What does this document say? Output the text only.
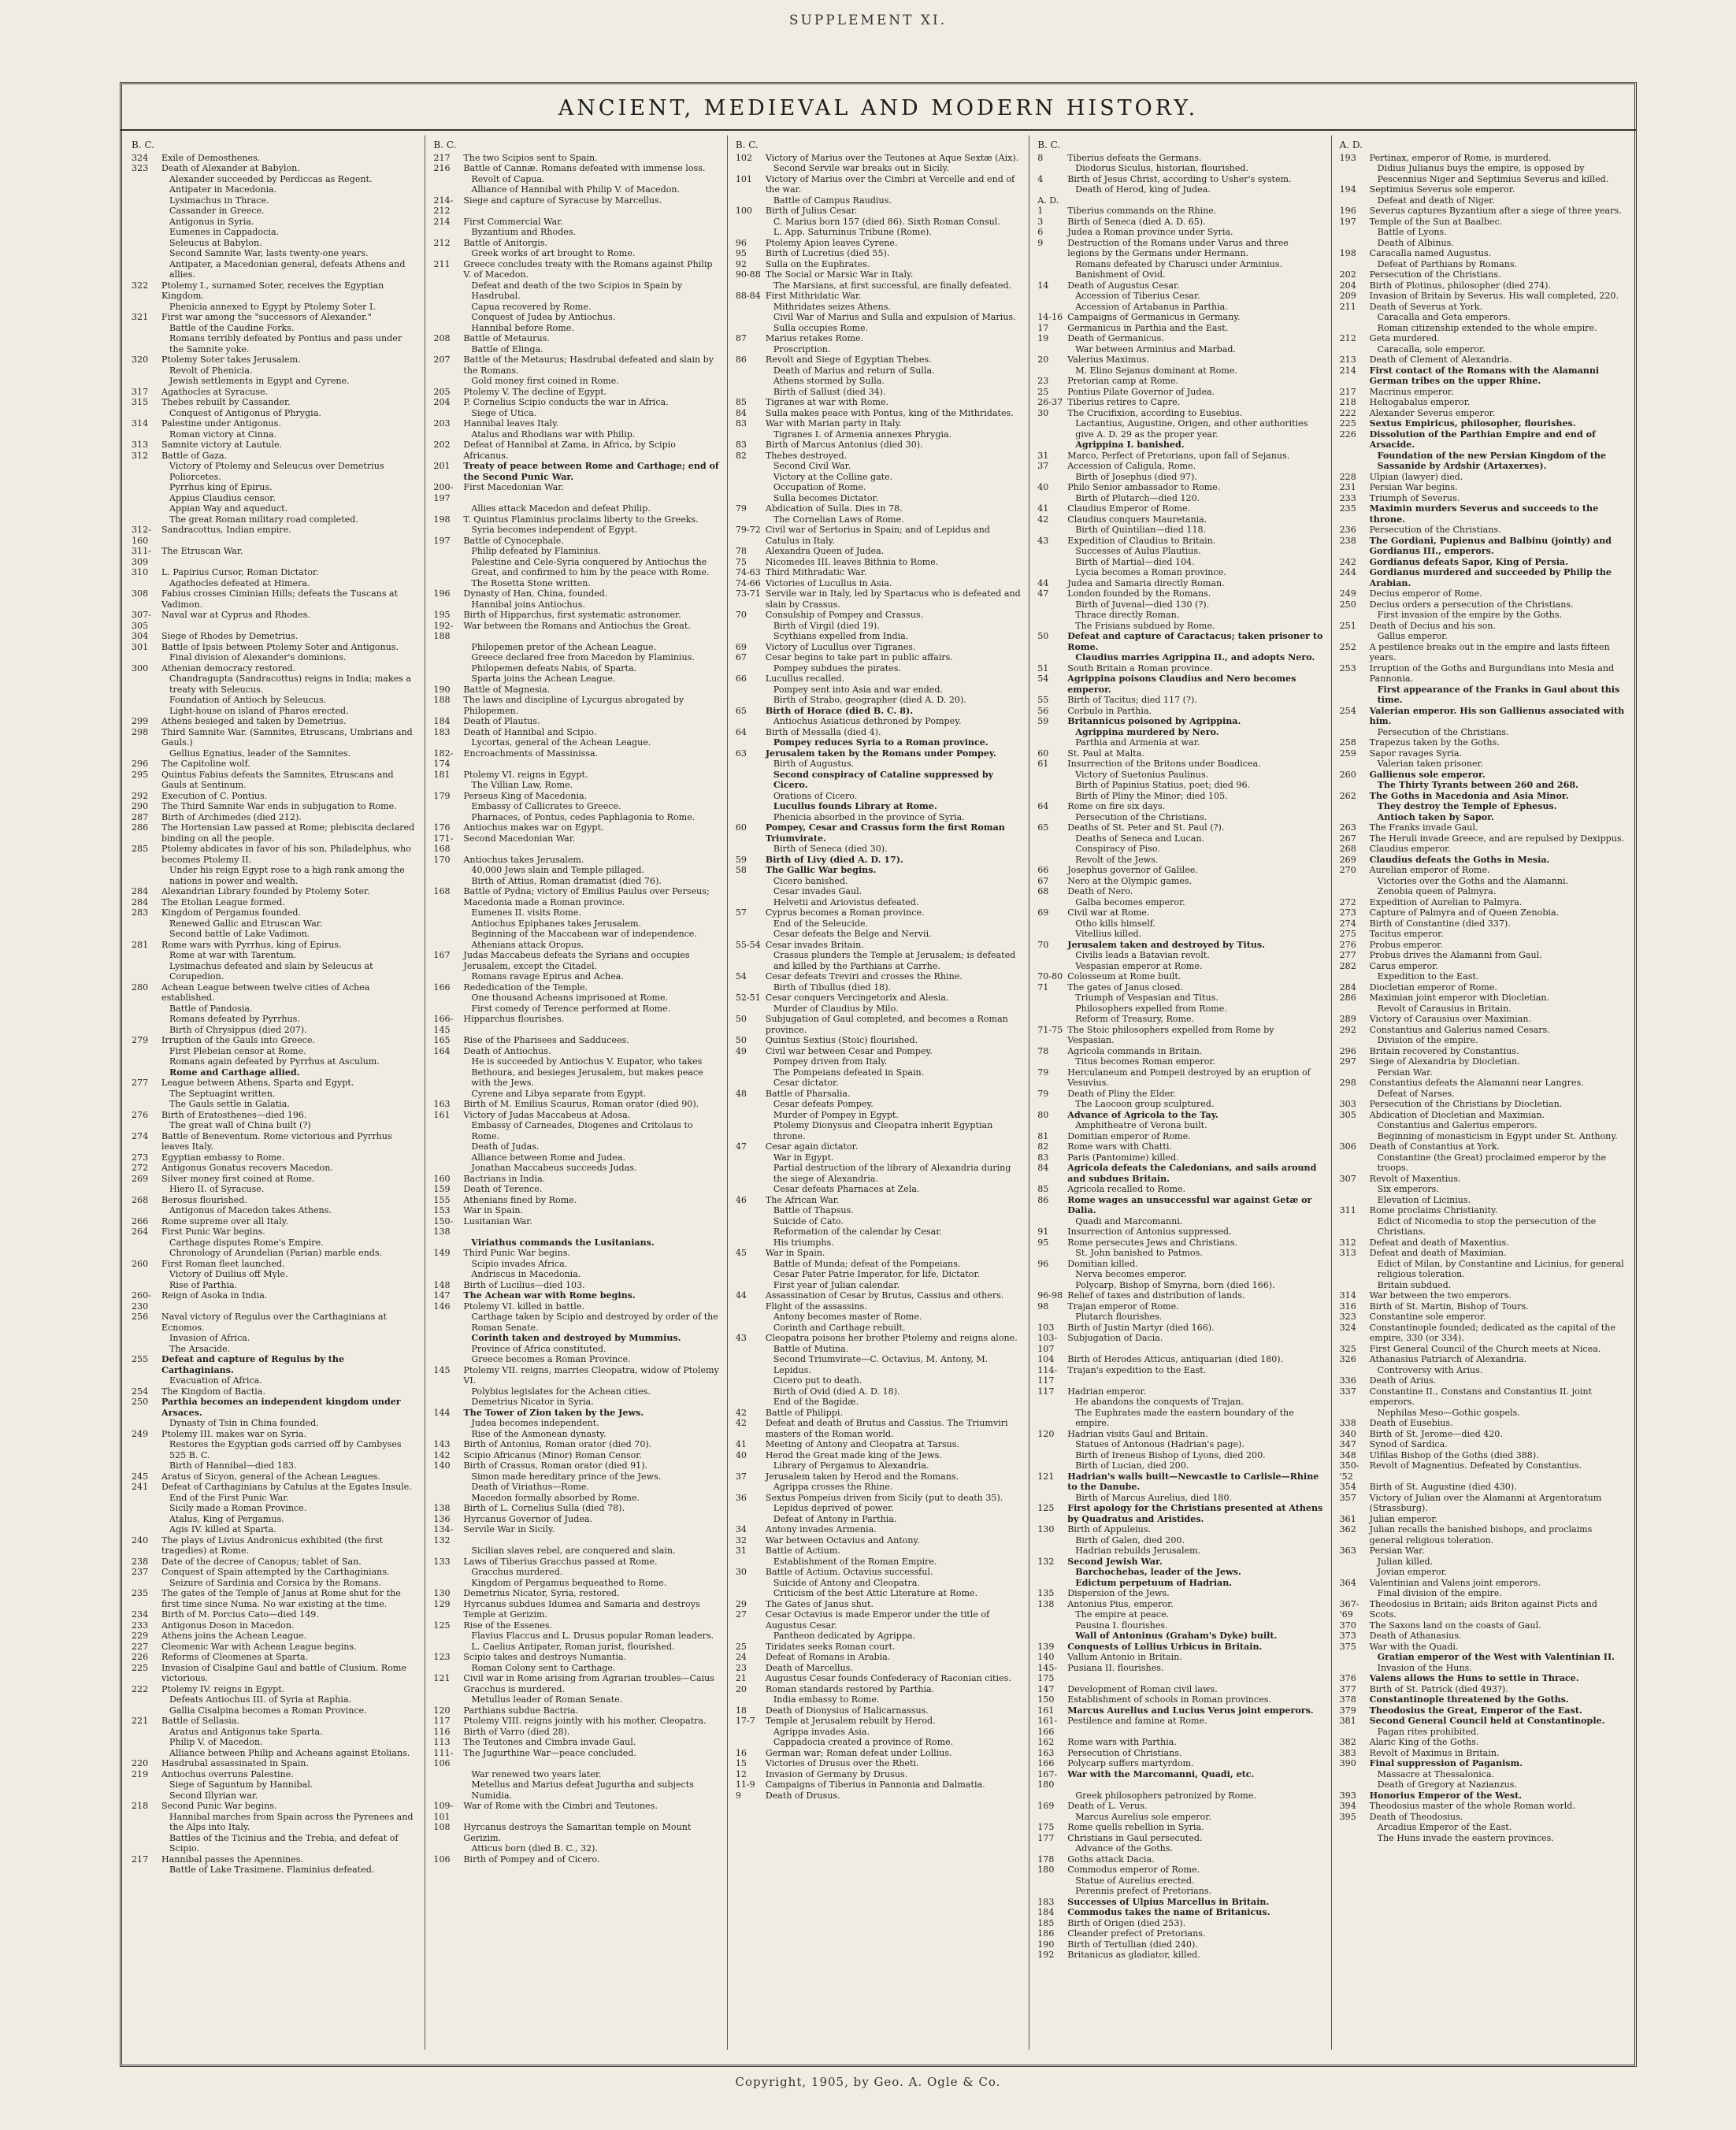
SUPPLEMENT XI.
ANCIENT, MEDIEVAL AND MODERN HISTORY.
B. C.
324	Exile of Demosthenes.
323	Death of Alexander at Babylon.
Alexander succeeded by Perdiccas as Regent.
Antipater in Macedonia.
Lysimachus in Thrace.
Cassander in Greece.
Antigonus in Syria.
Eumenes in Cappadocia.
Seleucus at Babylon.
Second Samnite War, lasts twenty-one years.
Antipater, a Macedonian general, defeats Athens and allies.
322	Ptolemy I., surnamed Soter, receives the Egyptian Kingdom.
Phenicia annexed to Egypt by Ptolemy Soter I.
321	First war among the "successors of Alexander."
Battle of the Caudine Forks.
Romans terribly defeated by Pontius and pass under the Samnite yoke.
320	Ptolemy Soter takes Jerusalem.
Revolt of Phenicia.
Jewish settlements in Egypt and Cyrene.
317	Agathocles at Syracuse.
315	Thebes rebuilt by Cassander.
Conquest of Antigonus of Phrygia.
314	Palestine under Antigonus.
Roman victory at Cinna.
313	Samnite victory at Lautule.
312	Battle of Gaza.
Victory of Ptolemy and Seleucus over Demetrius Poliorcetes.
Pyrrhus king of Epirus.
Appius Claudius censor.
Appian Way and aqueduct.
The great Roman military road completed.
312-160
Sandracottus, Indian empire.
311-309
The Etruscan War.
310	L. Papirius Cursor, Roman Dictator.
Agathocles defeated at Himera.
308	Fabius crosses Ciminian Hills; defeats the Tuscans at Vadimon.
307-305
Naval war at Cyprus and Rhodes.
304	Siege of Rhodes by Demetrius.
301	Battle of Ipsis between Ptolemy Soter and Antigonus.
Final division of Alexander's dominions.
300	Athenian democracy restored.
Chandragupta (Sandracottus) reigns in India; makes a treaty with Seleucus.
Foundation of Antioch by Seleucus.
Light-house on island of Pharos erected.
299	Athens besieged and taken by Demetrius.
298	Third Samnite War. (Samnites, Etruscans, Umbrians and Gauls.)
Gellius Egnatius, leader of the Samnites.
296	The Capitoline wolf.
295	Quintus Fabius defeats the Samnites, Etruscans and Gauls at Sentinum.
292	Execution of C. Pontius.
290	The Third Samnite War ends in subjugation to Rome.
287	Birth of Archimedes (died 212).
286	The Hortensian Law passed at Rome; plebiscita declared binding on all the people.
285	Ptolemy abdicates in favor of his son, Philadelphus, who becomes Ptolemy II.
Under his reign Egypt rose to a high rank among the nations in power and wealth.
284	Alexandrian Library founded by Ptolemy Soter.
284	The Etolian League formed.
283	Kingdom of Pergamus founded.
Renewed Gallic and Etruscan War.
Second battle of Lake Vadimon.
281	Rome wars with Pyrrhus, king of Epirus.
Rome at war with Tarentum.
Lysimachus defeated and slain by Seleucus at Corupedion.
280	Achean League between twelve cities of Achea established.
Battle of Pandosia.
Romans defeated by Pyrrhus.
Birth of Chrysippus (died 207).
279	Irruption of the Gauls into Greece.
First Plebeian censor at Rome.
Romans again defeated by Pyrrhus at Asculum.
Rome and Carthage allied.
277	League between Athens, Sparta and Egypt.
The Septuagint written.
The Gauls settle in Galatia.
276	Birth of Eratosthenes—died 196.
The great wall of China built (?)
274	Battle of Beneventum. Rome victorious and Pyrrhus leaves Italy.
273	Egyptian embassy to Rome.
272	Antigonus Gonatus recovers Macedon.
269	Silver money first coined at Rome.
Hiero II. of Syracuse.
268	Berosus flourished.
Antigonus of Macedon takes Athens.
266	Rome supreme over all Italy.
264	First Punic War begins.
Carthage disputes Rome's Empire.
Chronology of Arundelian (Parian) marble ends.
260	First Roman fleet launched.
Victory of Duilius off Myle.
Rise of Parthia.
260-230
Reign of Asoka in India.
256	Naval victory of Regulus over the Carthaginians at Ecnomos.
Invasion of Africa.
The Arsacide.
255	Defeat and capture of Regulus by the Carthaginians.
Evacuation of Africa.
254	The Kingdom of Bactia.
250	Parthia becomes an independent kingdom under Arsaces.
Dynasty of Tsin in China founded.
249	Ptolemy III. makes war on Syria.
Restores the Egyptian gods carried off by Cambyses 525 B. C.
Birth of Hannibal—died 183.
245	Aratus of Sicyon, general of the Achean Leagues.
241	Defeat of Carthaginians by Catulus at the Egates Insule.
End of the First Punic War.
Sicily made a Roman Province.
Atalus, King of Pergamus.
Agis IV. killed at Sparta.
240	The plays of Livius Andronicus exhibited (the first tragedies) at Rome.
238	Date of the decree of Canopus; tablet of San.
237	Conquest of Spain attempted by the Carthaginians.
Seizure of Sardinia and Corsica by the Romans.
235	The gates of the Temple of Janus at Rome shut for the first time since Numa. No war existing at the time.
234	Birth of M. Porcius Cato—died 149.
233	Antigonus Doson in Macedon.
229	Athens joins the Achean League.
227	Cleomenic War with Achean League begins.
226	Reforms of Cleomenes at Sparta.
225	Invasion of Cisalpine Gaul and battle of Clusium. Rome victorious.
222	Ptolemy IV. reigns in Egypt.
Defeats Antiochus III. of Syria at Raphia.
Gallia Cisalpina becomes a Roman Province.
221	Battle of Sellasia.
Aratus and Antigonus take Sparta.
Philip V. of Macedon.
Alliance between Philip and Acheans against Etolians.
220	Hasdrubal assassinated in Spain.
219	Antiochus overruns Palestine.
Siege of Saguntum by Hannibal.
Second Illyrian war.
218	Second Punic War begins.
Hannibal marches from Spain across the Pyrenees and the Alps into Italy.
Battles of the Ticinius and the Trebia, and defeat of Scipio.
217	Hannibal passes the Apennines.
Battle of Lake Trasimene. Flaminius defeated.
B. C.
217	The two Scipios sent to Spain.
216	Battle of Cannæ. Romans defeated with immense loss.
Revolt of Capua.
Alliance of Hannibal with Philip V. of Macedon.
214-212
Siege and capture of Syracuse by Marcellus.
214	First Commercial War.
Byzantium and Rhodes.
212	Battle of Anitorgis.
Greek works of art brought to Rome.
211	Greece concludes treaty with the Romans against Philip V. of Macedon.
Defeat and death of the two Scipios in Spain by Hasdrubal.
Capua recovered by Rome.
Conquest of Judea by Antiochus.
Hannibal before Rome.
208	Battle of Metaurus.
Battle of Elinga.
207	Battle of the Metaurus; Hasdrubal defeated and slain by the Romans.
Gold money first coined in Rome.
205	Ptolemy V. The decline of Egypt.
204	P. Cornelius Scipio conducts the war in Africa.
Siege of Utica.
203	Hannibal leaves Italy.
Atalus and Rhodians war with Philip.
202	Defeat of Hannibal at Zama, in Africa, by Scipio Africanus.
201	Treaty of peace between Rome and Carthage; end of the Second Punic War.
200-197
First Macedonian War.
Allies attack Macedon and defeat Philip.
198	T. Quintus Flaminius proclaims liberty to the Greeks.
Syria becomes independent of Egypt.
197	Battle of Cynocephale.
Philip defeated by Flaminius.
Palestine and Cele-Syria conquered by Antiochus the Great, and confirmed to him by the peace with Rome.
The Rosetta Stone written.
196	Dynasty of Han, China, founded.
Hannibal joins Antiochus.
195	Birth of Hipparchus, first systematic astronomer.
192-188
War between the Romans and Antiochus the Great.
Philopemen pretor of the Achean League.
Greece declared free from Macedon by Flaminius.
Philopemen defeats Nabis, of Sparta.
Sparta joins the Achean League.
190	Battle of Magnesia.
188	The laws and discipline of Lycurgus abrogated by Philopemen.
184	Death of Plautus.
183	Death of Hannibal and Scipio.
Lycortas, general of the Achean League.
182-174
Encroachments of Massinissa.
181	Ptolemy VI. reigns in Egypt.
The Villian Law, Rome.
179	Perseus King of Macedonia.
Embassy of Callicrates to Greece.
Pharnaces, of Pontus, cedes Paphlagonia to Rome.
176	Antiochus makes war on Egypt.
171-168
Second Macedonian War.
170	Antiochus takes Jerusalem.
40,000 Jews slain and Temple pillaged.
Birth of Attius, Roman dramatist (died 76).
168	Battle of Pydna; victory of Emilius Paulus over Perseus; Macedonia made a Roman province.
Eumenes II. visits Rome.
Antiochus Epiphanes takes Jerusalem.
Beginning of the Maccabean war of independence.
Athenians attack Oropus.
167	Judas Maccabeus defeats the Syrians and occupies Jerusalem, except the Citadel.
Romans ravage Epirus and Achea.
166	Rededication of the Temple.
One thousand Acheans imprisoned at Rome.
First comedy of Terence performed at Rome.
166-145
Hipparchus flourishes.
165	Rise of the Pharisees and Sadducees.
164	Death of Antiochus.
He is succeeded by Antiochus V. Eupator, who takes Bethoura, and besieges Jerusalem, but makes peace with the Jews.
Cyrene and Libya separate from Egypt.
163	Birth of M. Emilius Scaurus, Roman orator (died 90).
161	Victory of Judas Maccabeus at Adosa.
Embassy of Carneades, Diogenes and Critolaus to Rome.
Death of Judas.
Alliance between Rome and Judea.
Jonathan Maccabeus succeeds Judas.
160	Bactrians in India.
159	Death of Terence.
155	Athenians fined by Rome.
153	War in Spain.
150-138
Lusitanian War.
Viriathus commands the Lusitanians.
149	Third Punic War begins.
Scipio invades Africa.
Andriscus in Macedonia.
148	Birth of Lucilius—died 103.
147	The Achean war with Rome begins.
146	Ptolemy VI. killed in battle.
Carthage taken by Scipio and destroyed by order of the Roman Senate.
Corinth taken and destroyed by Mummius.
Province of Africa constituted.
Greece becomes a Roman Province.
145	Ptolemy VII. reigns, marries Cleopatra, widow of Ptolemy VI.
Polybius legislates for the Achean cities.
Demetrius Nicator in Syria.
144	The Tower of Zion taken by the Jews.
Judea becomes independent.
Rise of the Asmonean dynasty.
143	Birth of Antonius, Roman orator (died 70).
142	Scipio Africanus (Minor) Roman Censor.
140	Birth of Crassus, Roman orator (died 91).
Simon made hereditary prince of the Jews.
Death of Viriathus—Rome.
Macedon formally absorbed by Rome.
138	Birth of L. Cornelius Sulla (died 78).
136	Hyrcanus Governor of Judea.
134-132
Servile War in Sicily.
Sicilian slaves rebel, are conquered and slain.
133	Laws of Tiberius Gracchus passed at Rome.
Gracchus murdered.
Kingdom of Pergamus bequeathed to Rome.
130	Demetrius Nicator, Syria, restored.
129	Hyrcanus subdues Idumea and Samaria and destroys Temple at Gerizim.
125	Rise of the Essenes.
Flavius Flaccus and L. Drusus popular Roman leaders.
L. Caelius Antipater, Roman jurist, flourished.
123	Scipio takes and destroys Numantia.
Roman Colony sent to Carthage.
121	Civil war in Rome arising from Agrarian troubles—Caius Gracchus is murdered.
Metullus leader of Roman Senate.
120	Parthians subdue Bactria.
117	Ptolemy VIII. reigns jointly with his mother, Cleopatra.
116	Birth of Varro (died 28).
113	The Teutones and Cimbra invade Gaul.
111-106
The Jugurthine War—peace concluded.
War renewed two years later.
Metellus and Marius defeat Jugurtha and subjects Numidia.
109-101
War of Rome with the Cimbri and Teutones.
108	Hyrcanus destroys the Samaritan temple on Mount Gerizim.
Atticus born (died B. C., 32).
106	Birth of Pompey and of Cicero.
B. C.
102	Victory of Marius over the Teutones at Aque Sextæ (Aix).
Second Servile war breaks out in Sicily.
101	Victory of Marius over the Cimbri at Vercelle and end of the war.
Battle of Campus Raudius.
100	Birth of Julius Cesar.
C. Marius born 157 (died 86). Sixth Roman Consul.
L. App. Saturninus Tribune (Rome).
96	Ptolemy Apion leaves Cyrene.
95	Birth of Lucretius (died 55).
92	Sulla on the Euphrates.
90-88 The Social or Marsic War in Italy.
The Marsians, at first successful, are finally defeated.
88-84 First Mithridatic War.
Mithridates seizes Athens.
Civil War of Marius and Sulla and expulsion of Marius.
Sulla occupies Rome.
87	Marius retakes Rome.
Proscription.
86	Revolt and Siege of Egyptian Thebes.
Death of Marius and return of Sulla.
Athens stormed by Sulla.
Birth of Sallust (died 34).
85	Tigranes at war with Rome.
84	Sulla makes peace with Pontus, king of the Mithridates.
83	War with Marian party in Italy.
Tigranes I. of Armenia annexes Phrygia.
83	Birth of Marcus Antonius (died 30).
82	Thebes destroyed.
Second Civil War.
Victory at the Colline gate.
Occupation of Rome.
Sulla becomes Dictator.
79	Abdication of Sulla. Dies in 78.
The Cornelian Laws of Rome.
79-72 Civil war of Sertorius in Spain; and of Lepidus and Catulus in Italy.
78	Alexandra Queen of Judea.
75	Nicomedes III. leaves Bithnia to Rome.
74-63 Third Mithradatic War.
74-66 Victories of Lucullus in Asia.
73-71 Servile war in Italy, led by Spartacus who is defeated and slain by Crassus.
70	Consulship of Pompey and Crassus.
Birth of Virgil (died 19).
Scythians expelled from India.
69	Victory of Lucullus over Tigranes.
67	Cesar begins to take part in public affairs.
Pompey subdues the pirates.
66	Lucullus recalled.
Pompey sent into Asia and war ended.
Birth of Strabo, geographer (died A. D. 20).
65	Birth of Horace (died B. C. 8).
Antiochus Asiaticus dethroned by Pompey.
64	Birth of Messalla (died 4).
Pompey reduces Syria to a Roman province.
63	Jerusalem taken by the Romans under Pompey.
Birth of Augustus.
Second conspiracy of Cataline suppressed by Cicero.
Orations of Cicero.
Lucullus founds Library at Rome.
Phenicia absorbed in the province of Syria.
60	Pompey, Cesar and Crassus form the first Roman Triumvirate.
Birth of Seneca (died 30).
59	Birth of Livy (died A. D. 17).
58	The Gallic War begins.
Cicero banished.
Cesar invades Gaul.
Helvetii and Ariovistus defeated.
57	Cyprus becomes a Roman province.
End of the Seleucide.
Cesar defeats the Belge and Nervii.
55-54 Cesar invades Britain.
Crassus plunders the Temple at Jerusalem; is defeated and killed by the Parthians at Carrhe.
54	Cesar defeats Treviri and crosses the Rhine.
Birth of Tibullus (died 18).
52-51 Cesar conquers Vercingetorix and Alesia.
Murder of Claudius by Milo.
50	Subjugation of Gaul completed, and becomes a Roman province.
50	Quintus Sextius (Stoic) flourished.
49	Civil war between Cesar and Pompey.
Pompey driven from Italy.
The Pompeians defeated in Spain.
Cesar dictator.
48	Battle of Pharsalia.
Cesar defeats Pompey.
Murder of Pompey in Egypt.
Ptolemy Dionysus and Cleopatra inherit Egyptian throne.
47	Cesar again dictator.
War in Egypt.
Partial destruction of the library of Alexandria during the siege of Alexandria.
Cesar defeats Pharnaces at Zela.
46	The African War.
Battle of Thapsus.
Suicide of Cato.
Reformation of the calendar by Cesar.
His triumphs.
45	War in Spain.
Battle of Munda; defeat of the Pompeians.
Cesar Pater Patrie Imperator, for life, Dictator.
First year of Julian calendar.
44	Assassination of Cesar by Brutus, Cassius and others. Flight of the assassins.
Antony becomes master of Rome.
Corinth and Carthage rebuilt.
43	Cleopatra poisons her brother Ptolemy and reigns alone.
Battle of Mutina.
Second Triumvirate—C. Octavius, M. Antony, M. Lepidus.
Cicero put to death.
Birth of Ovid (died A. D. 18).
End of the Bagidæ.
42	Battle of Philippi.
42	Defeat and death of Brutus and Cassius. The Triumviri masters of the Roman world.
41	Meeting of Antony and Cleopatra at Tarsus.
40	Herod the Great made king of the Jews.
Library of Pergamus to Alexandria.
37	Jerusalem taken by Herod and the Romans.
Agrippa crosses the Rhine.
36	Sextus Pompeius driven from Sicily (put to death 35).
Lepidus deprived of power.
Defeat of Antony in Parthia.
34	Antony invades Armenia.
32	War between Octavius and Antony.
31	Battle of Actium.
Establishment of the Roman Empire.
30	Battle of Actium. Octavius successful.
Suicide of Antony and Cleopatra.
Criticism of the best Attic Literature at Rome.
29	The Gates of Janus shut.
27	Cesar Octavius is made Emperor under the title of Augustus Cesar.
Pantheon dedicated by Agrippa.
25	Tiridates seeks Roman court.
24	Defeat of Romans in Arabia.
23	Death of Marcellus.
21	Augustus Cesar founds Confederacy of Raconian cities.
20	Roman standards restored by Parthia.
India embassy to Rome.
18	Death of Dionysius of Halicarnassus.
17-7	Temple at Jerusalem rebuilt by Herod.
Agrippa invades Asia.
Cappadocia created a province of Rome.
16	German war; Roman defeat under Lollius.
15	Victories of Drusus over the Rheti.
12	Invasion of Germany by Drusus.
11-9	Campaigns of Tiberius in Pannonia and Dalmatia.
9	Death of Drusus.
B. C.
8	Tiberius defeats the Germans.
Diodorus Siculus, historian, flourished.
4	Birth of Jesus Christ, according to Usher's system.
Death of Herod, king of Judea.
A. D.
1	Tiberius commands on the Rhine.
3	Birth of Seneca (died A. D. 65).
6	Judea a Roman province under Syria.
9	Destruction of the Romans under Varus and three legions by the Germans under Hermann.
Romans defeated by Charusci under Arminius.
Banishment of Ovid.
14	Death of Augustus Cesar.
Accession of Tiberius Cesar.
Accession of Artabanus in Parthia.
14-16 Campaigns of Germanicus in Germany.
17	Germanicus in Parthia and the East.
19	Death of Germanicus.
War between Arminius and Marbad.
20	Valerius Maximus.
M. Elino Sejanus dominant at Rome.
23	Pretorian camp at Rome.
25	Pontius Pilate Governor of Judea.
26-37 Tiberius retires to Capre.
30	The Crucifixion, according to Eusebius.
Lactantius, Augustine, Origen, and other authorities give A. D. 29 as the proper year.
Agrippina I. banished.
31	Marco, Perfect of Pretorians, upon fall of Sejanus.
37	Accession of Caligula, Rome.
Birth of Josephus (died 97).
40	Philo Senior ambassador to Rome.
Birth of Plutarch—died 120.
41	Claudius Emperor of Rome.
42	Claudius conquers Mauretania.
Birth of Quintilian—died 118.
43	Expedition of Claudius to Britain.
Successes of Aulus Plautius.
Birth of Martial—died 104.
Lycia becomes a Roman province.
44	Judea and Samaria directly Roman.
47	London founded by the Romans.
Birth of Juvenal—died 130 (?).
Thrace directly Roman.
The Frisians subdued by Rome.
50	Defeat and capture of Caractacus; taken prisoner to Rome.
Claudius marries Agrippina II., and adopts Nero.
51	South Britain a Roman province.
54	Agrippina poisons Claudius and Nero becomes emperor.
55	Birth of Tacitus; died 117 (?).
56	Corbulo in Parthia.
59	Britannicus poisoned by Agrippina.
Agrippina murdered by Nero.
Parthia and Armenia at war.
60	St. Paul at Malta.
61	Insurrection of the Britons under Boadicea.
Victory of Suetonius Paulinus.
Birth of Papinius Statius, poet; died 96.
Birth of Pliny the Minor; died 105.
64	Rome on fire six days.
Persecution of the Christians.
65	Deaths of St. Peter and St. Paul (?).
Deaths of Seneca and Lucan.
Conspiracy of Piso.
Revolt of the Jews.
66	Josephus governor of Galilee.
67	Nero at the Olympic games.
68	Death of Nero.
Galba becomes emperor.
69	Civil war at Rome.
Otho kills himself.
Vitellius killed.
70	Jerusalem taken and destroyed by Titus.
Civilis leads a Batavian revolt.
Vespasian emperor at Rome.
70-80 Colosseum at Rome built.
71	The gates of Janus closed.
Triumph of Vespasian and Titus.
Philosophers expelled from Rome.
Reform of Treasury, Rome.
71-75 The Stoic philosophers expelled from Rome by Vespasian.
78	Agricola commands in Britain.
Titus becomes Roman emperor.
79	Herculaneum and Pompeii destroyed by an eruption of Vesuvius.
79	Death of Pliny the Elder.
The Laocoon group sculptured.
80	Advance of Agricola to the Tay.
Amphitheatre of Verona built.
81	Domitian emperor of Rome.
82	Rome wars with Chatti.
83	Paris (Pantomime) killed.
84	Agricola defeats the Caledonians, and sails around and subdues Britain.
85	Agricola recalled to Rome.
86	Rome wages an unsuccessful war against Getæ or Dalia.
Quadi and Marcomanni.
91	Insurrection of Antonius suppressed.
95	Rome persecutes Jews and Christians.
St. John banished to Patmos.
96	Domitian killed.
Nerva becomes emperor.
Polycarp, Bishop of Smyrna, born (died 166).
96-98 Relief of taxes and distribution of lands.
98	Trajan emperor of Rome.
Plutarch flourishes.
103	Birth of Justin Martyr (died 166).
103-107
Subjugation of Dacia.
104	Birth of Herodes Atticus, antiquarian (died 180).
114-117
Trajan's expedition to the East.
117	Hadrian emperor.
He abandons the conquests of Trajan.
The Euphrates made the eastern boundary of the empire.
120	Hadrian visits Gaul and Britain.
Statues of Antonous (Hadrian's page).
Birth of Ireneus Bishop of Lyons, died 200.
Birth of Lucian, died 200.
121	Hadrian's walls built—Newcastle to Carlisle—Rhine to the Danube.
Birth of Marcus Aurelius, died 180.
125	First apology for the Christians presented at Athens by Quadratus and Aristides.
130	Birth of Appuleius.
Birth of Galen, died 200.
Hadrian rebuilds Jerusalem.
132	Second Jewish War.
Barchochebas, leader of the Jews.
Edictum perpetuum of Hadrian.
135	Dispersion of the Jews.
138	Antonius Pius, emperor.
The empire at peace.
Pausina I. flourishes.
Wall of Antoninus (Graham's Dyke) built.
139	Conquests of Lollius Urbicus in Britain.
140	Vallum Antonio in Britain.
145-175
Pusiana II. flourishes.
147	Development of Roman civil laws.
150	Establishment of schools in Roman provinces.
161	Marcus Aurelius and Lucius Verus joint emperors.
161-166
Pestilence and famine at Rome.
162	Rome wars with Parthia.
163	Persecution of Christians.
166	Polycarp suffers martyrdom.
167-180
War with the Marcomanni, Quadi, etc.
Greek philosophers patronized by Rome.
169	Death of L. Verus.
Marcus Aurelius sole emperor.
175	Rome quells rebellion in Syria.
177	Christians in Gaul persecuted.
Advance of the Goths.
178	Goths attack Dacia.
180	Commodus emperor of Rome.
Statue of Aurelius erected.
Perennis prefect of Pretorians.
183	Successes of Ulpius Marcellus in Britain.
184	Commodus takes the name of Britanicus.
185	Birth of Origen (died 253).
186	Cleander prefect of Pretorians.
190	Birth of Tertullian (died 240).
192	Britanicus as gladiator, killed.
A. D.
193	Pertinax, emperor of Rome, is murdered.
Didius Julianus buys the empire, is opposed by Pescennius Niger and Septimius Severus and killed.
194	Septimius Severus sole emperor.
Defeat and death of Niger.
196	Severus captures Byzantium after a siege of three years.
197	Temple of the Sun at Baalbec.
Battle of Lyons.
Death of Albinus.
198	Caracalla named Augustus.
Defeat of Parthians by Romans.
202	Persecution of the Christians.
204	Birth of Plotinus, philosopher (died 274).
209	Invasion of Britain by Severus. His wall completed, 220.
211	Death of Severus at York.
Caracalla and Geta emperors.
Roman citizenship extended to the whole empire.
212	Geta murdered.
Caracalla, sole emperor.
213	Death of Clement of Alexandria.
214	First contact of the Romans with the Alamanni German tribes on the upper Rhine.
217	Macrinus emperor.
218	Heliogabalus emperor.
222	Alexander Severus emperor.
225	Sextus Empiricus, philosopher, flourishes.
226	Dissolution of the Parthian Empire and end of Arsacide.
Foundation of the new Persian Kingdom of the Sassanide by Ardshir (Artaxerxes).
228	Ulpian (lawyer) died.
231	Persian War begins.
233	Triumph of Severus.
235	Maximin murders Severus and succeeds to the throne.
236	Persecution of the Christians.
238	The Gordiani, Pupienus and Balbinu (jointly) and Gordianus III., emperors.
242	Gordianus defeats Sapor, King of Persia.
244	Gordianus murdered and succeeded by Philip the Arabian.
249	Decius emperor of Rome.
250	Decius orders a persecution of the Christians.
First invasion of the empire by the Goths.
251	Death of Decius and his son.
Gallus emperor.
252	A pestilence breaks out in the empire and lasts fifteen years.
253	Irruption of the Goths and Burgundians into Mesia and Pannonia.
First appearance of the Franks in Gaul about this time.
254	Valerian emperor. His son Gallienus associated with him.
Persecution of the Christians.
258	Trapezus taken by the Goths.
259	Sapor ravages Syria.
Valerian taken prisoner.
260	Gallienus sole emperor.
The Thirty Tyrants between 260 and 268.
262	The Goths in Macedonia and Asia Minor.
They destroy the Temple of Ephesus.
Antioch taken by Sapor.
263	The Franks invade Gaul.
267	The Heruli invade Greece, and are repulsed by Dexippus.
268	Claudius emperor.
269	Claudius defeats the Goths in Mesia.
270	Aurelian emperor of Rome.
Victories over the Goths and the Alamanni.
Zenobia queen of Palmyra.
272	Expedition of Aurelian to Palmyra.
273	Capture of Palmyra and of Queen Zenobia.
274	Birth of Constantine (died 337).
275	Tacitus emperor.
276	Probus emperor.
277	Probus drives the Alamanni from Gaul.
282	Carus emperor.
Expedition to the East.
284	Diocletian emperor of Rome.
286	Maximian joint emperor with Diocletian.
Revolt of Carausius in Britain.
289	Victory of Carausius over Maximian.
292	Constantius and Galerius named Cesars.
Division of the empire.
296	Britain recovered by Constantius.
297	Siege of Alexandria by Diocletian.
Persian War.
298	Constantius defeats the Alamanni near Langres.
Defeat of Narses.
303	Persecution of the Christians by Diocletian.
305	Abdication of Diocletian and Maximian.
Constantius and Galerius emperors.
Beginning of monasticism in Egypt under St. Anthony.
306	Death of Constantius at York.
Constantine (the Great) proclaimed emperor by the troops.
307	Revolt of Maxentius.
Six emperors.
Elevation of Licinius.
311	Rome proclaims Christianity.
Edict of Nicomedia to stop the persecution of the Christians.
312	Defeat and death of Maxentius.
313	Defeat and death of Maximian.
Edict of Milan, by Constantine and Licinius, for general religious toleration.
Britain subdued.
314	War between the two emperors.
316	Birth of St. Martin, Bishop of Tours.
323	Constantine sole emperor.
324	Constantinople founded; dedicated as the capital of the empire, 330 (or 334).
325	First General Council of the Church meets at Nicea.
326	Athanasius Patriarch of Alexandria.
Controversy with Arius.
336	Death of Arius.
337	Constantine II., Constans and Constantius II. joint emperors.
Nephilas Meso—Gothic gospels.
338	Death of Eusebius.
340	Birth of St. Jerome—died 420.
347	Synod of Sardica.
348	Ulfilas Bishop of the Goths (died 388).
350-'52
Revolt of Magnentius. Defeated by Constantius.
354	Birth of St. Augustine (died 430).
357	Victory of Julian over the Alamanni at Argentoratum (Strassburg).
361	Julian emperor.
362	Julian recalls the banished bishops, and proclaims general religious toleration.
363	Persian War.
Julian killed.
Jovian emperor.
364	Valentinian and Valens joint emperors.
Final division of the empire.
367-'69
Theodosius in Britain; aids Briton against Picts and Scots.
370	The Saxons land on the coasts of Gaul.
373	Death of Athanasius.
375	War with the Quadi.
Gratian emperor of the West with Valentinian II.
Invasion of the Huns.
376	Valens allows the Huns to settle in Thrace.
377	Birth of St. Patrick (died 493?).
378	Constantinople threatened by the Goths.
379	Theodosius the Great, Emperor of the East.
381	Second General Council held at Constantinople.
Pagan rites prohibited.
382	Alaric King of the Goths.
383	Revolt of Maximus in Britain.
390	Final suppression of Paganism.
Massacre at Thessalonica.
Death of Gregory at Nazianzus.
393	Honorius Emperor of the West.
394	Theodosius master of the whole Roman world.
395	Death of Theodosius.
Arcadius Emperor of the East.
The Huns invade the eastern provinces.
Copyright, 1905, by Geo. A. Ogle & Co.
